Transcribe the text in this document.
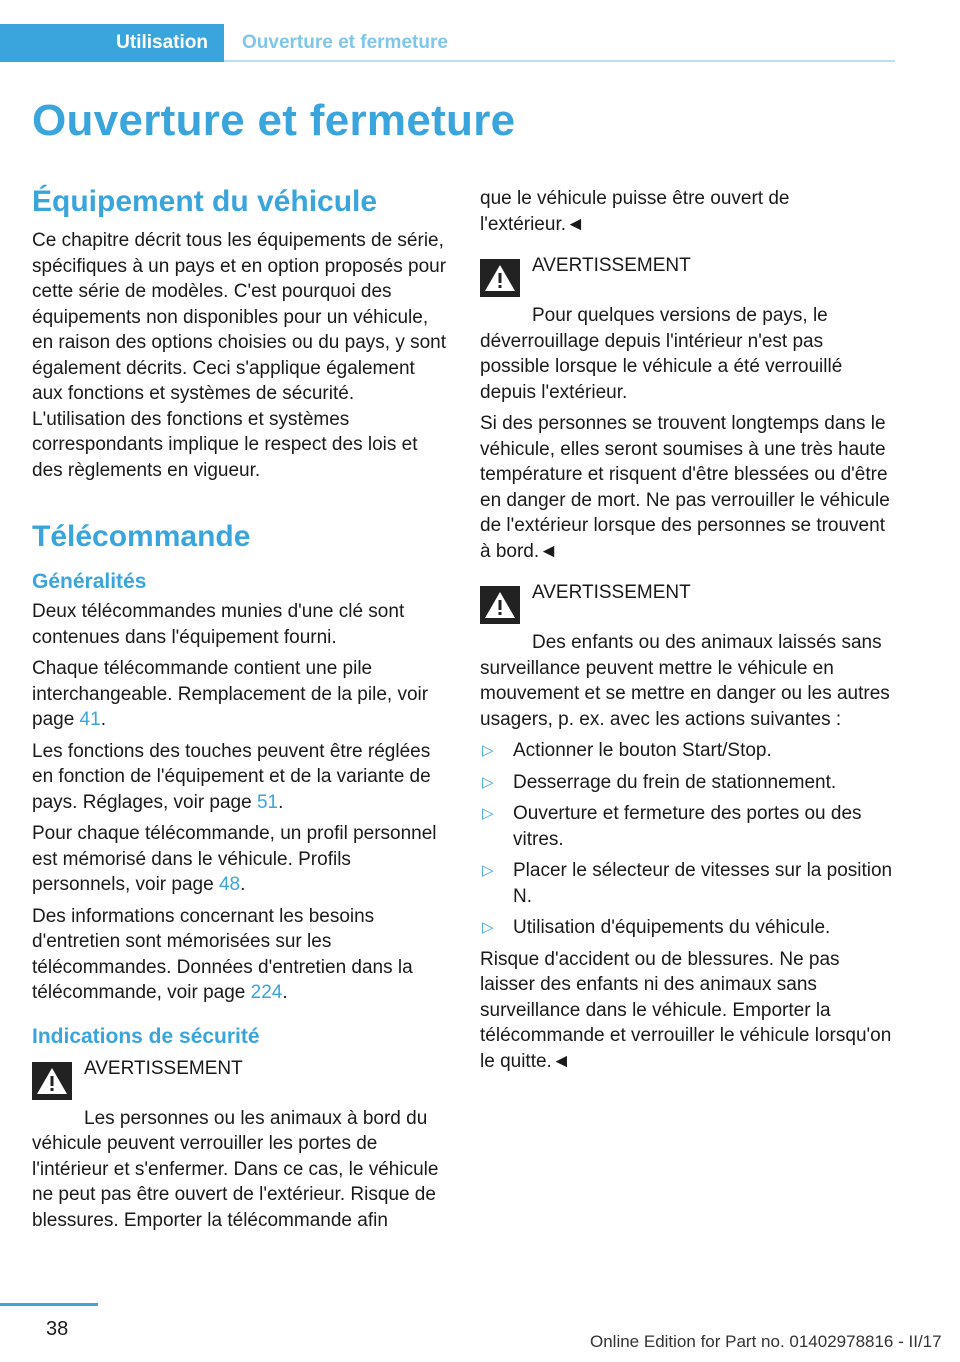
Utilisation Ouverture et fermeture
Ouverture et fermeture
Équipement du véhicule

Ce chapitre décrit tous les équipements de série, spécifiques à un pays et en option proposés pour cette série de modèles. C'est pourquoi des équipements non disponibles pour un véhicule, en raison des options choisies ou du pays, y sont également décrits. Ceci s'applique également aux fonctions et systèmes de sécurité. L'utilisation des fonctions et systèmes correspondants implique le respect des lois et des règlements en vigueur.

Télécommande
Généralités

Deux télécommandes munies d'une clé sont contenues dans l'équipement fourni.

Chaque télécommande contient une pile interchangeable. Remplacement de la pile, voir page 41.

Les fonctions des touches peuvent être réglées en fonction de l'équipement et de la variante de pays. Réglages, voir page 51.

Pour chaque télécommande, un profil personnel est mémorisé dans le véhicule. Profils personnels, voir page 48.

Des informations concernant les besoins d'entretien sont mémorisées sur les télécommandes. Données d'entretien dans la télécommande, voir page 224.

Indications de sécurité
AVERTISSEMENT

Les personnes ou les animaux à bord du véhicule peuvent verrouiller les portes de l'intérieur et s'enfermer. Dans ce cas, le véhicule ne peut pas être ouvert de l'extérieur. Risque de blessures. Emporter la télécommande afin

que le véhicule puisse être ouvert de l'extérieur.◄

AVERTISSEMENT

Pour quelques versions de pays, le déverrouillage depuis l'intérieur n'est pas possible lorsque le véhicule a été verrouillé depuis l'extérieur.

Si des personnes se trouvent longtemps dans le véhicule, elles seront soumises à une très haute température et risquent d'être blessées ou d'être en danger de mort. Ne pas verrouiller le véhicule de l'extérieur lorsque des personnes se trouvent à bord.◄

AVERTISSEMENT

Des enfants ou des animaux laissés sans surveillance peuvent mettre le véhicule en mouvement et se mettre en danger ou les autres usagers, p. ex. avec les actions suivantes :

▷ Actionner le bouton Start/Stop.
▷ Desserrage du frein de stationnement.
▷ Ouverture et fermeture des portes ou des vitres.
▷ Placer le sélecteur de vitesses sur la position N.
▷ Utilisation d'équipements du véhicule.

Risque d'accident ou de blessures. Ne pas laisser des enfants ni des animaux sans surveillance dans le véhicule. Emporter la télécommande et verrouiller le véhicule lorsqu'on le quitte.◄

38
Online Edition for Part no. 01402978816 - II/17
